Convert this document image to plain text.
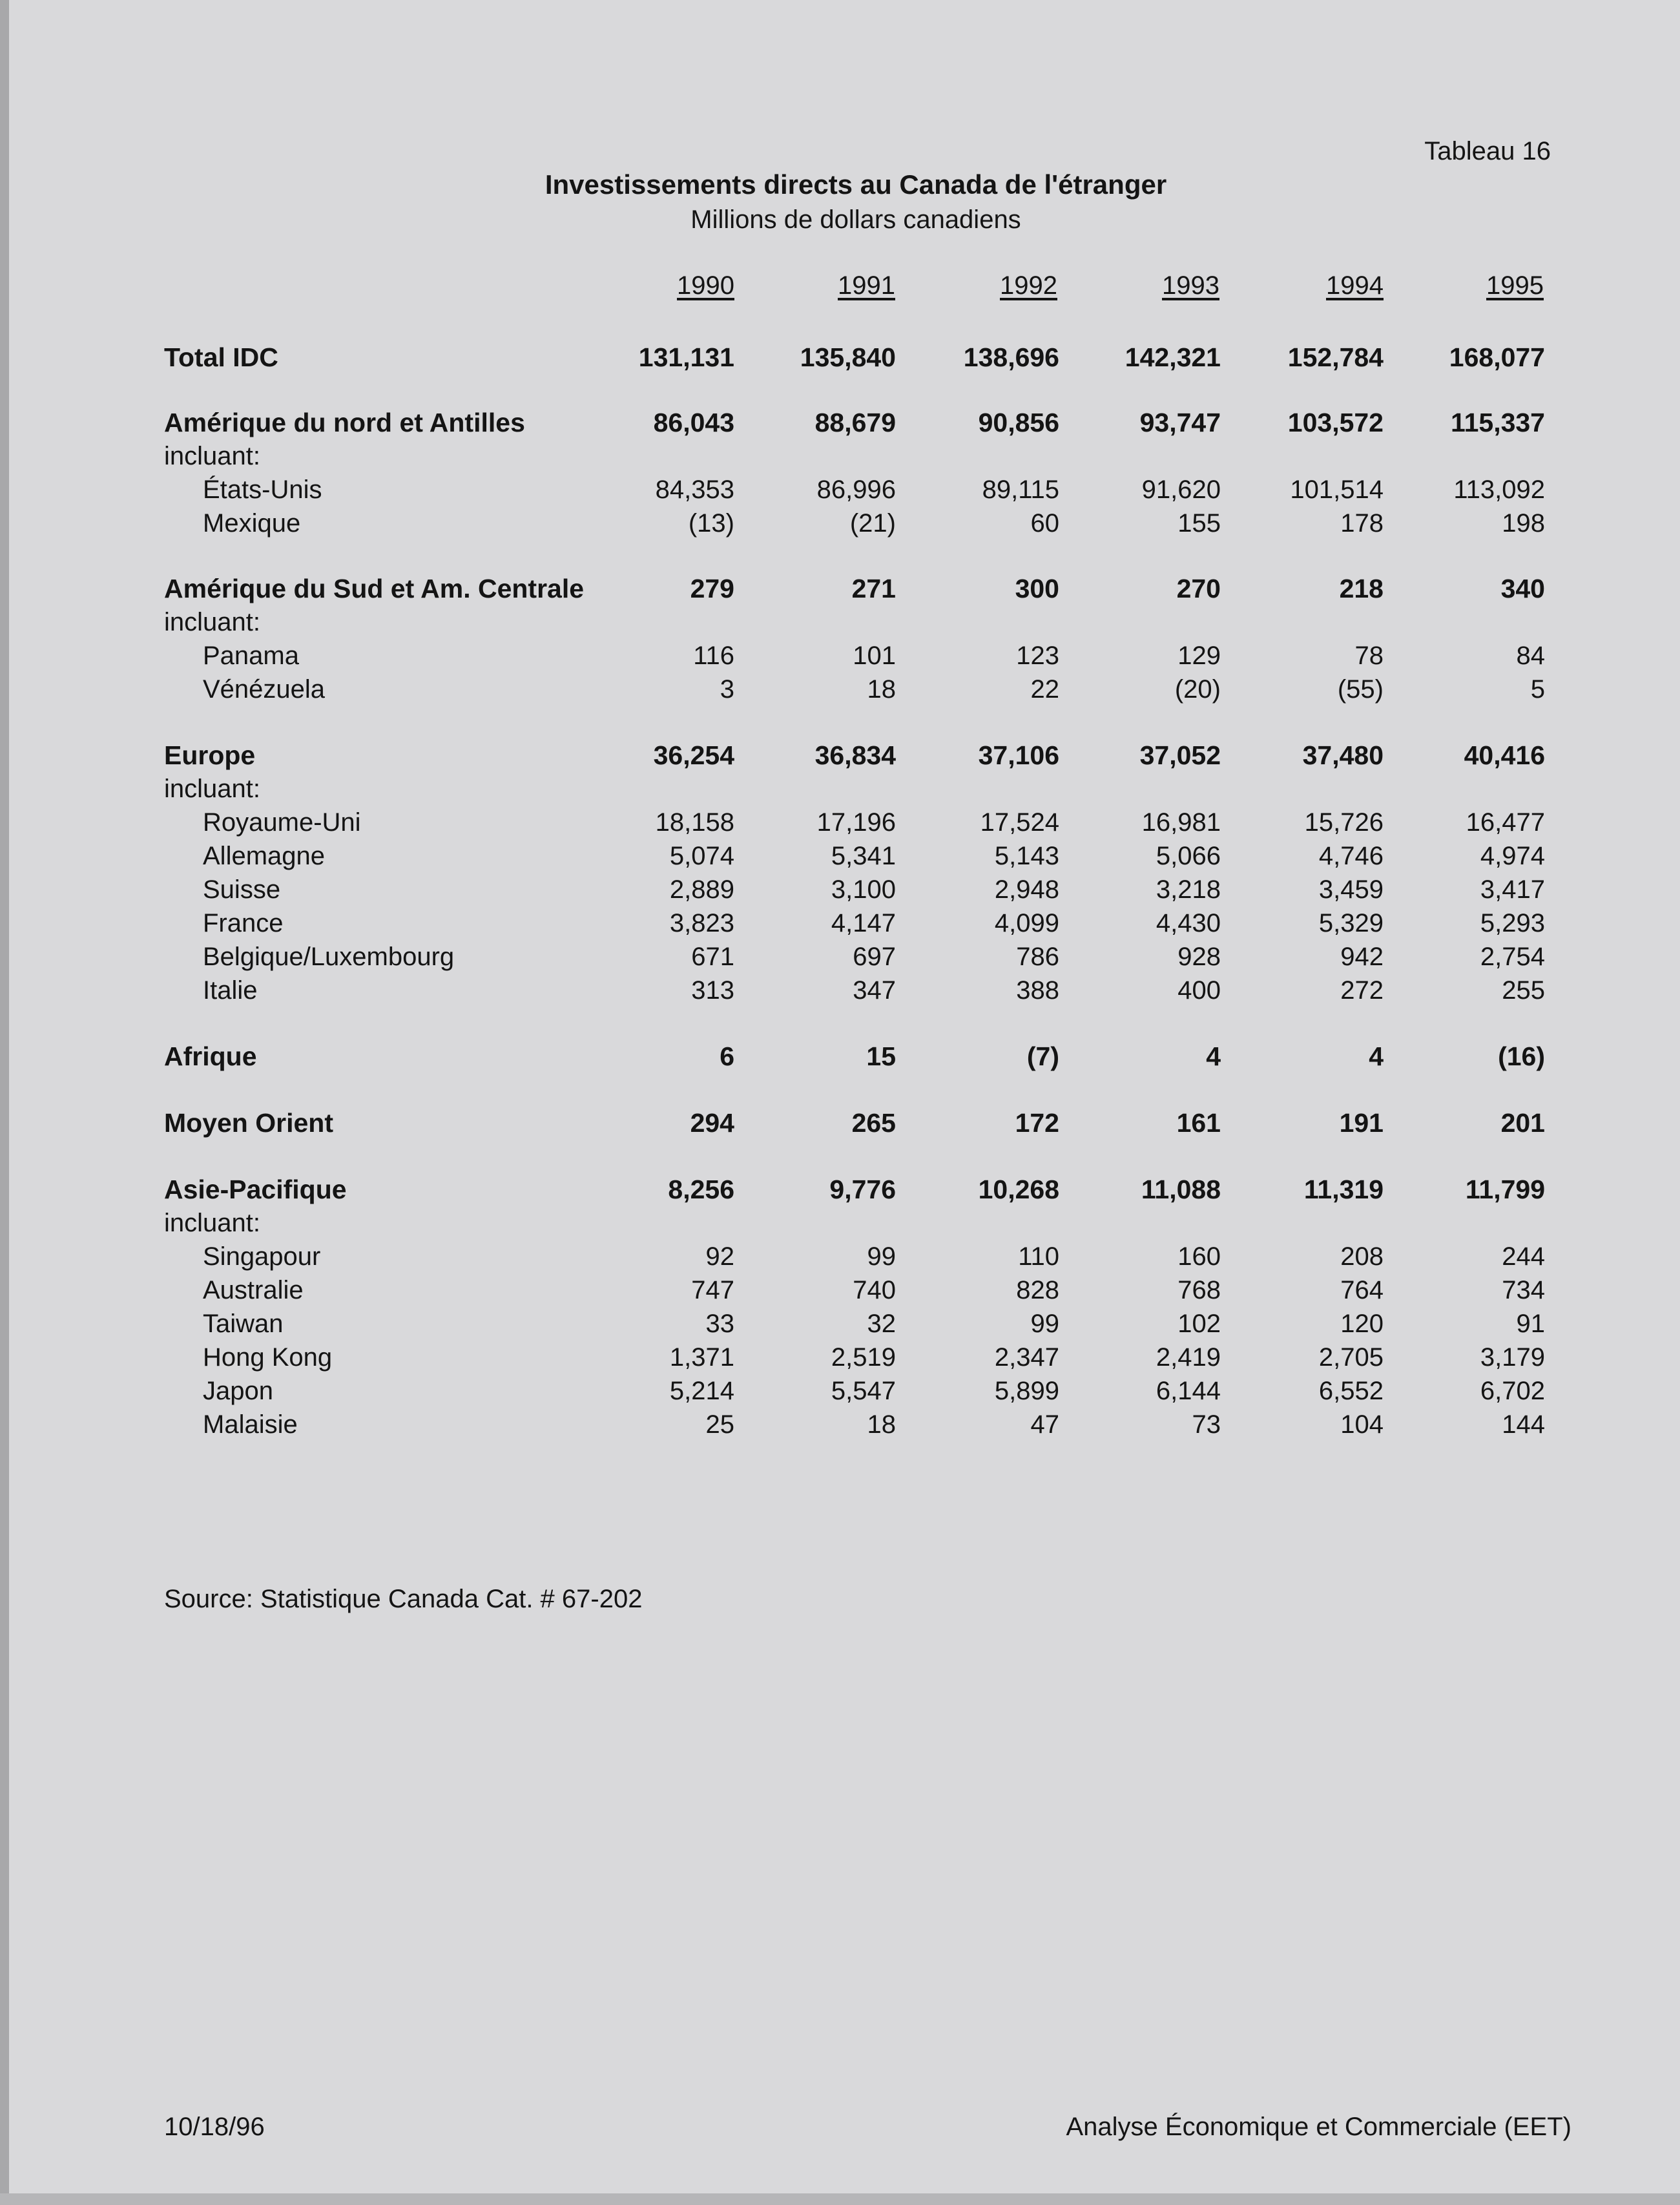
Tableau 16
Investissements directs au Canada de l'étranger
Millions de dollars canadiens
1990	1991	1992	1993	1994	1995
Total IDC	131,131	135,840	138,696	142,321	152,784	168,077
Amérique du nord et Antilles	86,043	88,679	90,856	93,747	103,572	115,337
incluant:
États-Unis	84,353	86,996	89,115	91,620	101,514	113,092
Mexique	(13)	(21)	60	155	178	198
Amérique du Sud et Am. Centrale	279	271	300	270	218	340
incluant:
Panama	116	101	123	129	78	84
Vénézuela	3	18	22	(20)	(55)	5
Europe	36,254	36,834	37,106	37,052	37,480	40,416
incluant:
Royaume-Uni	18,158	17,196	17,524	16,981	15,726	16,477
Allemagne	5,074	5,341	5,143	5,066	4,746	4,974
Suisse	2,889	3,100	2,948	3,218	3,459	3,417
France	3,823	4,147	4,099	4,430	5,329	5,293
Belgique/Luxembourg	671	697	786	928	942	2,754
Italie	313	347	388	400	272	255
Afrique	6	15	(7)	4	4	(16)
Moyen Orient	294	265	172	161	191	201
Asie-Pacifique	8,256	9,776	10,268	11,088	11,319	11,799
incluant:
Singapour	92	99	110	160	208	244
Australie	747	740	828	768	764	734
Taiwan	33	32	99	102	120	91
Hong Kong	1,371	2,519	2,347	2,419	2,705	3,179
Japon	5,214	5,547	5,899	6,144	6,552	6,702
Malaisie	25	18	47	73	104	144
Source: Statistique Canada Cat. # 67-202
10/18/96	Analyse Économique et Commerciale (EET)
